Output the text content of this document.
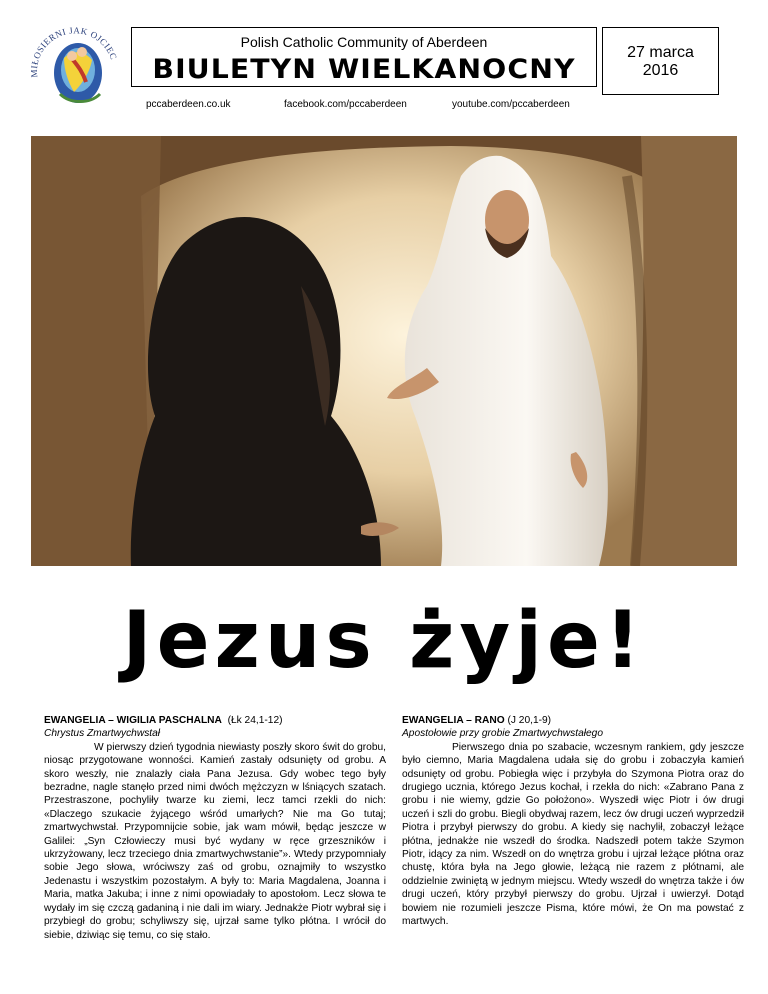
MIŁOSIERNI JAK OJCIEC
Polish Catholic Community of Aberdeen
BIULETYN WIELKANOCNY
pccaberdeen.co.uk	facebook.com/pccaberdeen	youtube.com/pccaberdeen
27 marca
2016
Jezus żyje!
EWANGELIA – WIGILIA PASCHALNA (Łk 24,1-12)

Chrystus Zmartwychwstał

W pierwszy dzień tygodnia niewiasty poszły skoro świt do grobu, niosąc przygotowane wonności. Kamień zastały odsunięty od grobu. A skoro weszły, nie znalazły ciała Pana Jezusa. Gdy wobec tego były bezradne, nagle stanęło przed nimi dwóch mężczyzn w lśniących szatach. Przestraszone, pochyliły twarze ku ziemi, lecz tamci rzekli do nich: «Dlaczego szukacie żyjącego wśród umarłych? Nie ma Go tutaj; zmartwychwstał. Przypomnijcie sobie, jak wam mówił, będąc jeszcze w Galilei: „Syn Człowieczy musi być wydany w ręce grzeszników i ukrzyżowany, lecz trzeciego dnia zmartwychwstanie”». Wtedy przypomniały sobie Jego słowa, wróciwszy zaś od grobu, oznajmiły to wszystko Jedenastu i wszystkim pozostałym. A były to: Maria Magdalena, Joanna i Maria, matka Jakuba; i inne z nimi opowiadały to apostołom. Lecz słowa te wydały im się czczą gadaniną i nie dali im wiary. Jednakże Piotr wybrał się i przybiegł do grobu; schyliwszy się, ujrzał same tylko płótna. I wrócił do siebie, dziwiąc się temu, co się stało.

EWANGELIA – RANO (J 20,1-9)

Apostołowie przy grobie Zmartwychwstałego

Pierwszego dnia po szabacie, wczesnym rankiem, gdy jeszcze było ciemno, Maria Magdalena udała się do grobu i zobaczyła kamień odsunięty od grobu. Pobiegła więc i przybyła do Szymona Piotra oraz do drugiego ucznia, którego Jezus kochał, i rzekła do nich: «Zabrano Pana z grobu i nie wiemy, gdzie Go położono». Wyszedł więc Piotr i ów drugi uczeń i szli do grobu. Biegli obydwaj razem, lecz ów drugi uczeń wyprzedził Piotra i przybył pierwszy do grobu. A kiedy się nachylił, zobaczył leżące płótna, jednakże nie wszedł do środka. Nadszedł potem także Szymon Piotr, idący za nim. Wszedł on do wnętrza grobu i ujrzał leżące płótna oraz chustę, która była na Jego głowie, leżącą nie razem z płótnami, ale oddzielnie zwiniętą w jednym miejscu. Wtedy wszedł do wnętrza także i ów drugi uczeń, który przybył pierwszy do grobu. Ujrzał i uwierzył. Dotąd bowiem nie rozumieli jeszcze Pisma, które mówi, że On ma powstać z martwych.
